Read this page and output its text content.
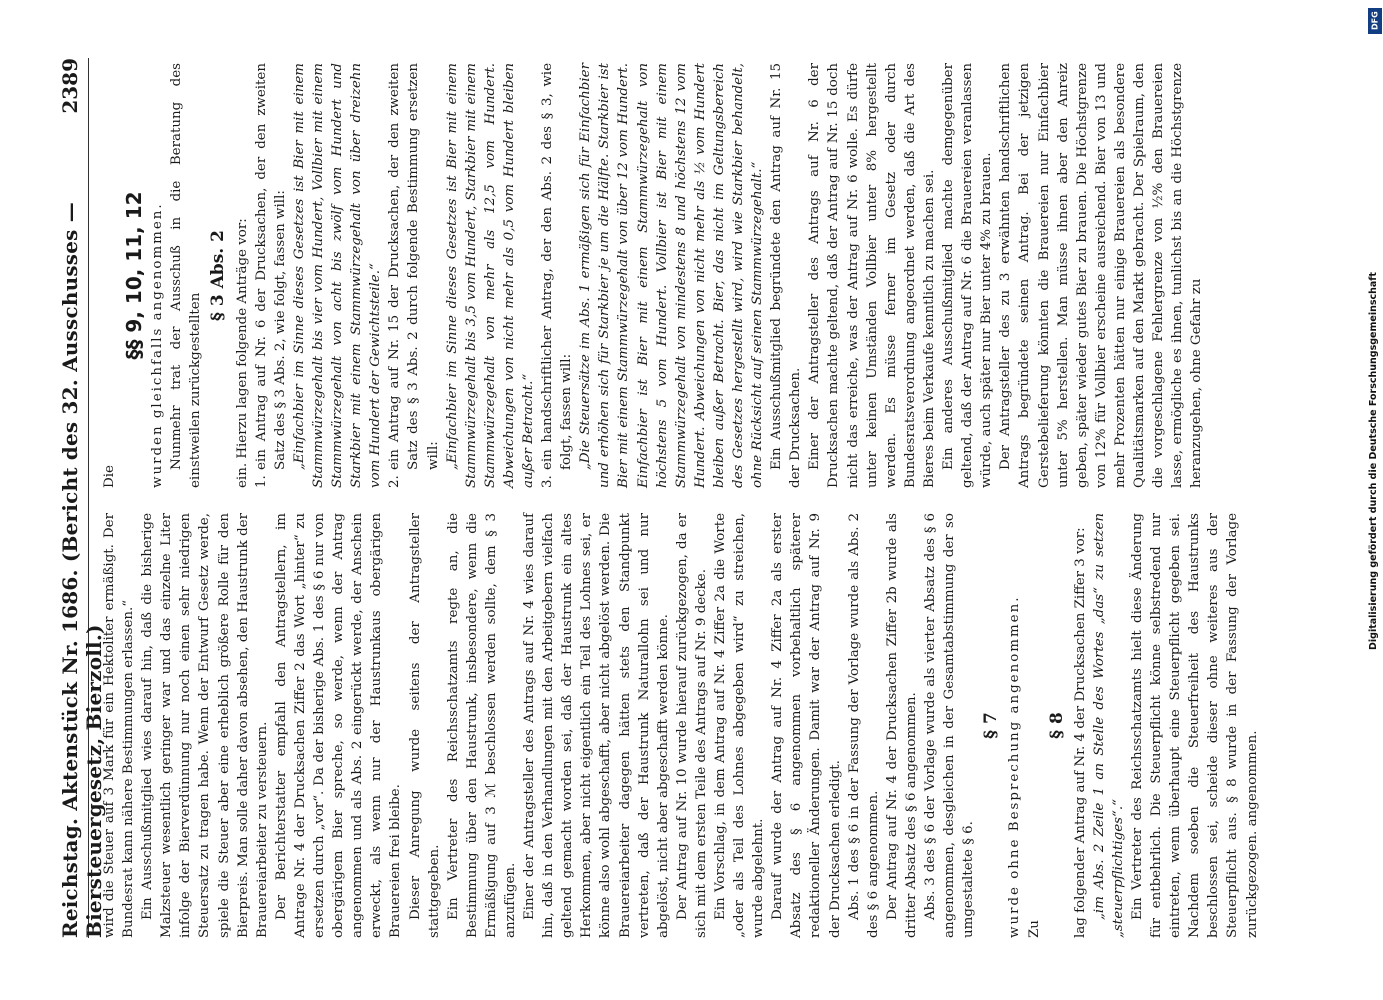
Reichstag. Aktenstück Nr. 1686. (Bericht des 32. Ausschusses — Biersteuergesetz, Bierzoll.)
2389

wird die Steuer auf 3 Mark für ein Hektoliter ermäßigt. Der Bundesrat kann nähere Bestimmungen erlassen.“ Ein Ausschußmitglied wies darauf hin, daß die bisherige Malzsteuer wesentlich geringer war und das einzelne Liter infolge der Bierverdünnung nur noch einen sehr niedrigen Steuersatz zu tragen habe. Wenn der Entwurf Gesetz werde, spiele die Steuer aber eine erheblich größere Rolle für den Bierpreis. Man solle daher davon absehen, den Haustrunk der Brauereiarbeiter zu versteuern. Der Berichterstatter empfahl den Antragstellern, im Antrage Nr. 4 der Drucksachen Ziffer 2 das Wort „hinter“ zu ersetzen durch „vor“. Da der bisherige Abs. 1 des § 6 nur von obergärigem Bier spreche, so werde, wenn der Antrag angenommen und als Abs. 2 eingerückt werde, der Anschein erweckt, als wenn nur der Haustrunkaus obergärigen Brauereien frei bleibe. Dieser Anregung wurde seitens der Antragsteller stattgegeben. Ein Vertreter des Reichsschatzamts regte an, die Bestimmung über den Haustrunk, insbesondere, wenn die Ermäßigung auf 3 ℳ beschlossen werden sollte, dem § 3 anzufügen. Einer der Antragsteller des Antrags auf Nr. 4 wies darauf hin, daß in den Verhandlungen mit den Arbeitgebern vielfach geltend gemacht worden sei, daß der Haustrunk ein altes Herkommen, aber nicht eigentlich ein Teil des Lohnes sei, er könne also wohl abgeschafft, aber nicht abgelöst werden. Die Brauereiarbeiter dagegen hätten stets den Standpunkt vertreten, daß der Haustrunk Naturallohn sei und nur abgelöst, nicht aber abgeschafft werden könne. Der Antrag auf Nr. 10 wurde hierauf zurückgezogen, da er sich mit dem ersten Teile des Antrags auf Nr. 9 decke. Ein Vorschlag, in dem Antrag auf Nr. 4 Ziffer 2a die Worte „oder als Teil des Lohnes abgegeben wird“ zu streichen, wurde abgelehnt. Darauf wurde der Antrag auf Nr. 4 Ziffer 2a als erster Absatz des § 6 angenommen vorbehaltlich späterer redaktioneller Änderungen. Damit war der Antrag auf Nr. 9 der Drucksachen erledigt. Abs. 1 des § 6 in der Fassung der Vorlage wurde als Abs. 2 des § 6 angenommen. Der Antrag auf Nr. 4 der Drucksachen Ziffer 2b wurde als dritter Absatz des § 6 angenommen. Abs. 3 des § 6 der Vorlage wurde als vierter Absatz des § 6 angenommen, desgleichen in der Gesamtabstimmung der so umgestaltete § 6.

§ 7 wurde ohne Besprechung angenommen. Zu

§ 8 lag folgender Antrag auf Nr. 4 der Drucksachen Ziffer 3 vor: „im Abs. 2 Zeile 1 an Stelle des Wortes „das“ zu setzen „steuerpflichtiges“.“ Ein Vertreter des Reichsschatzamts hielt diese Änderung für entbehrlich. Die Steuerpflicht könne selbstredend nur eintreten, wenn überhaupt eine Steuerpflicht gegeben sei. Nachdem soeben die Steuerfreiheit des Haustrunks beschlossen sei, scheide dieser ohne weiteres aus der Steuerpflicht aus. § 8 wurde in der Fassung der Vorlage zurückgezogen. angenommen.

Die

§§ 9, 10, 11, 12 wurden gleichfalls angenommen. Nunmehr trat der Ausschuß in die Beratung des einstweilen zurückgestellten

§ 3 Abs. 2 ein. Hierzu lagen folgende Anträge vor: 1.
ein Antrag auf Nr. 6 der Drucksachen, der den zweiten Satz des § 3 Abs. 2, wie folgt, fassen will: „Einfachbier im Sinne dieses Gesetzes ist Bier mit einem Stammwürzegehalt bis vier vom Hundert, Vollbier mit einem Stammwürzegehalt von acht bis zwölf vom Hundert und Starkbier mit einem Stammwürzegehalt von über dreizehn vom Hundert der Gewichtsteile.“ 2.
ein Antrag auf Nr. 15 der Drucksachen, der den zweiten Satz des § 3 Abs. 2 durch folgende Bestimmung ersetzen will: „Einfachbier im Sinne dieses Gesetzes ist Bier mit einem Stammwürzegehalt bis 3,5 vom Hundert, Starkbier mit einem Stammwürzegehalt von mehr als 12,5 vom Hundert. Abweichungen von nicht mehr als 0,5 vom Hundert bleiben außer Betracht.“ 3.
ein handschriftlicher Antrag, der den Abs. 2 des § 3, wie folgt, fassen will: „Die Steuersätze im Abs. 1 ermäßigen sich für Einfachbier und erhöhen sich für Starkbier je um die Hälfte. Starkbier ist Bier mit einem Stammwürzegehalt von über 12 vom Hundert. Einfachbier ist Bier mit einem Stammwürzegehalt von höchstens 5 vom Hundert. Vollbier ist Bier mit einem Stammwürzegehalt von mindestens 8 und höchstens 12 vom Hundert. Abweichungen von nicht mehr als ½ vom Hundert bleiben außer Betracht. Bier, das nicht im Geltungsbereich des Gesetzes hergestellt wird, wird wie Starkbier behandelt, ohne Rücksicht auf seinen Stammwürzegehalt.“ Ein Ausschußmitglied begründete den Antrag auf Nr. 15 der Drucksachen. Einer der Antragsteller des Antrags auf Nr. 6 der Drucksachen machte geltend, daß der Antrag auf Nr. 15 doch nicht das erreiche, was der Antrag auf Nr. 6 wolle. Es dürfe unter keinen Umständen Vollbier unter 8% hergestellt werden. Es müsse ferner im Gesetz oder durch Bundesratsverordnung angeordnet werden, daß die Art des Bieres beim Verkaufe kenntlich zu machen sei. Ein anderes Ausschußmitglied machte demgegenüber geltend, daß der Antrag auf Nr. 6 die Brauereien veranlassen würde, auch später nur Bier unter 4% zu brauen. Der Antragsteller des zu 3 erwähnten handschriftlichen Antrags begründete seinen Antrag. Bei der jetzigen Gerstebelieferung könnten die Brauereien nur Einfachbier unter 5% herstellen. Man müsse ihnen aber den Anreiz geben, später wieder gutes Bier zu brauen. Die Höchstgrenze von 12% für Vollbier erscheine ausreichend. Bier von 13 und mehr Prozenten hätten nur einige Brauereien als besondere Qualitätsmarken auf den Markt gebracht. Der Spielraum, den die vorgeschlagene Fehlergrenze von ½% den Brauereien lasse, ermögliche es ihnen, tunlichst bis an die Höchstgrenze heranzugehen, ohne Gefahr zu

DFG
Digitalisierung gefördert durch die Deutsche Forschungsgemeinschaft
